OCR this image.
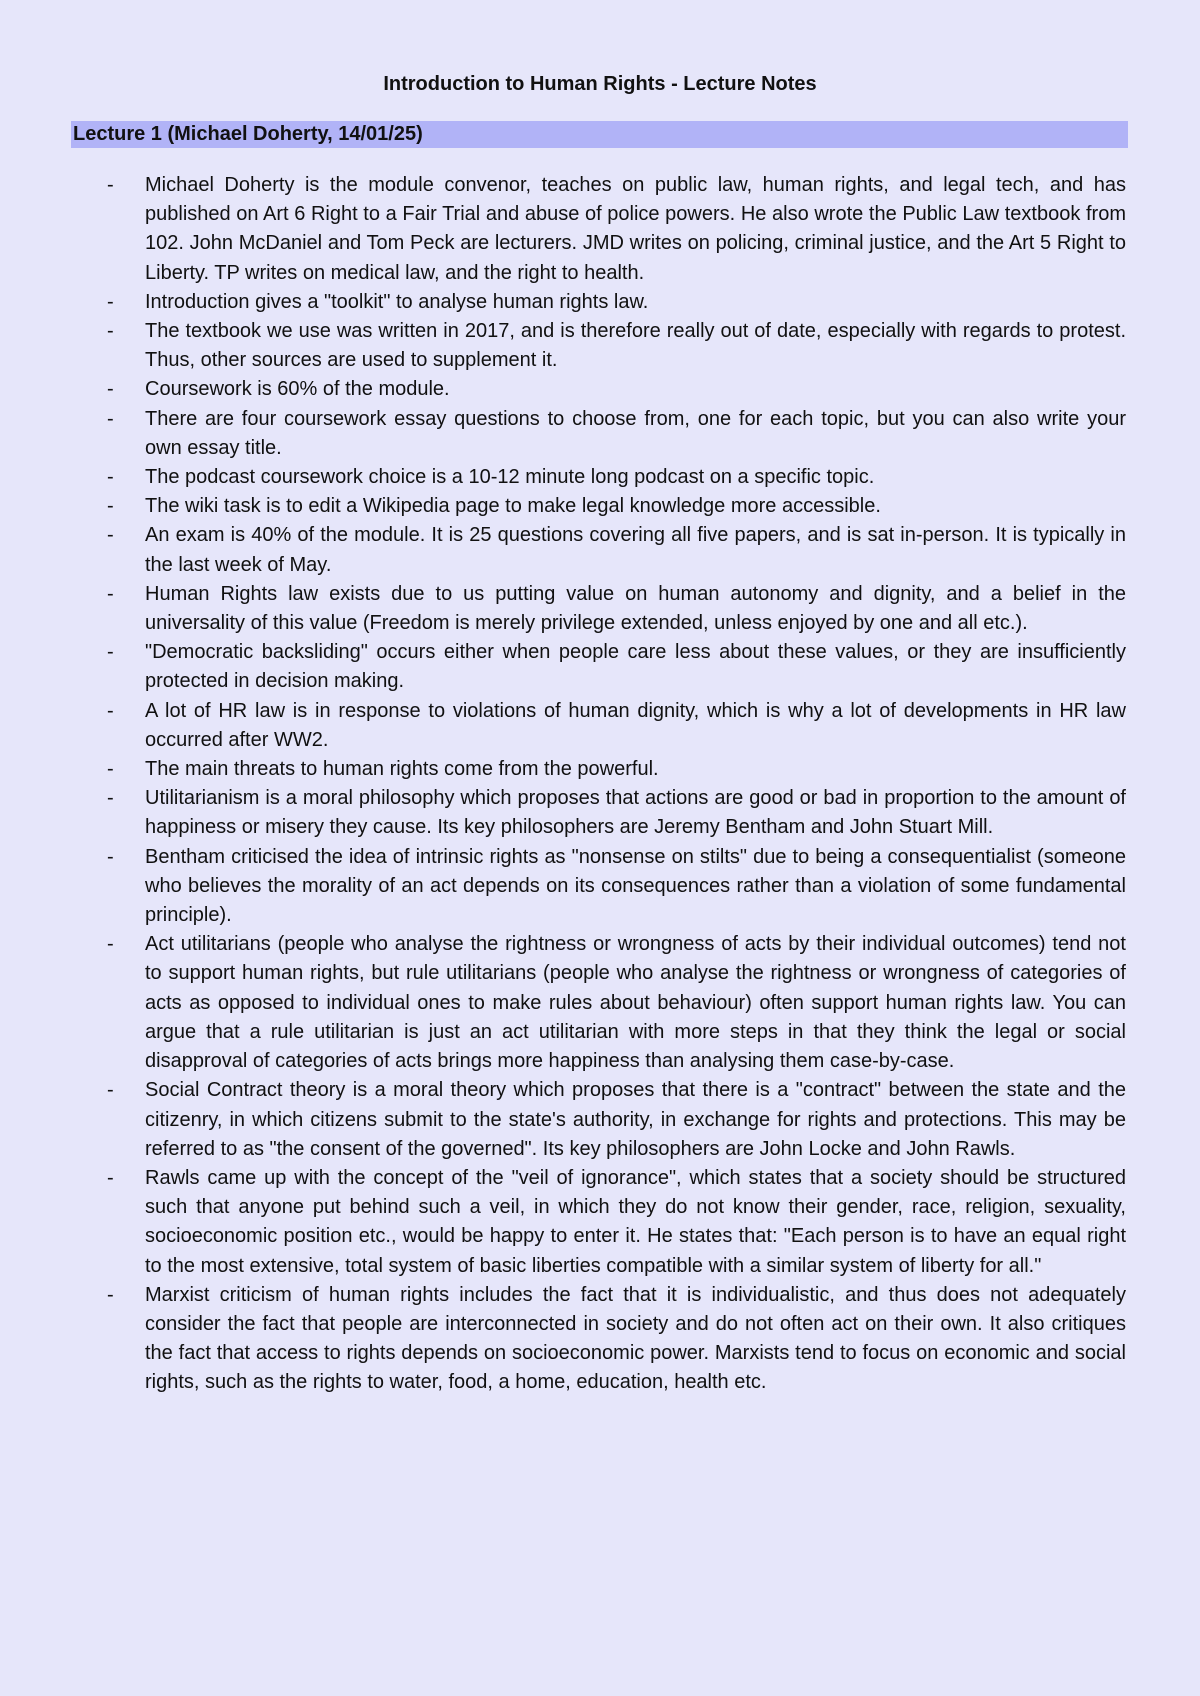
Introduction to Human Rights - Lecture Notes
Lecture 1 (Michael Doherty, 14/01/25)
- Michael Doherty is the module convenor, teaches on public law, human rights, and legal tech, and has published on Art 6 Right to a Fair Trial and abuse of police powers. He also wrote the Public Law textbook from 102. John McDaniel and Tom Peck are lecturers. JMD writes on policing, criminal justice, and the Art 5 Right to Liberty. TP writes on medical law, and the right to health.
- Introduction gives a "toolkit" to analyse human rights law.
- The textbook we use was written in 2017, and is therefore really out of date, especially with regards to protest. Thus, other sources are used to supplement it.
- Coursework is 60% of the module.
- There are four coursework essay questions to choose from, one for each topic, but you can also write your own essay title.
- The podcast coursework choice is a 10-12 minute long podcast on a specific topic.
- The wiki task is to edit a Wikipedia page to make legal knowledge more accessible.
- An exam is 40% of the module. It is 25 questions covering all five papers, and is sat in-person. It is typically in the last week of May.
- Human Rights law exists due to us putting value on human autonomy and dignity, and a belief in the universality of this value (Freedom is merely privilege extended, unless enjoyed by one and all etc.).
- "Democratic backsliding" occurs either when people care less about these values, or they are insufficiently protected in decision making.
- A lot of HR law is in response to violations of human dignity, which is why a lot of developments in HR law occurred after WW2.
- The main threats to human rights come from the powerful.
- Utilitarianism is a moral philosophy which proposes that actions are good or bad in proportion to the amount of happiness or misery they cause. Its key philosophers are Jeremy Bentham and John Stuart Mill.
- Bentham criticised the idea of intrinsic rights as "nonsense on stilts" due to being a consequentialist (someone who believes the morality of an act depends on its consequences rather than a violation of some fundamental principle).
- Act utilitarians (people who analyse the rightness or wrongness of acts by their individual outcomes) tend not to support human rights, but rule utilitarians (people who analyse the rightness or wrongness of categories of acts as opposed to individual ones to make rules about behaviour) often support human rights law. You can argue that a rule utilitarian is just an act utilitarian with more steps in that they think the legal or social disapproval of categories of acts brings more happiness than analysing them case-by-case.
- Social Contract theory is a moral theory which proposes that there is a "contract" between the state and the citizenry, in which citizens submit to the state's authority, in exchange for rights and protections. This may be referred to as "the consent of the governed". Its key philosophers are John Locke and John Rawls.
- Rawls came up with the concept of the "veil of ignorance", which states that a society should be structured such that anyone put behind such a veil, in which they do not know their gender, race, religion, sexuality, socioeconomic position etc., would be happy to enter it. He states that: "Each person is to have an equal right to the most extensive, total system of basic liberties compatible with a similar system of liberty for all."
- Marxist criticism of human rights includes the fact that it is individualistic, and thus does not adequately consider the fact that people are interconnected in society and do not often act on their own. It also critiques the fact that access to rights depends on socioeconomic power. Marxists tend to focus on economic and social rights, such as the rights to water, food, a home, education, health etc.
